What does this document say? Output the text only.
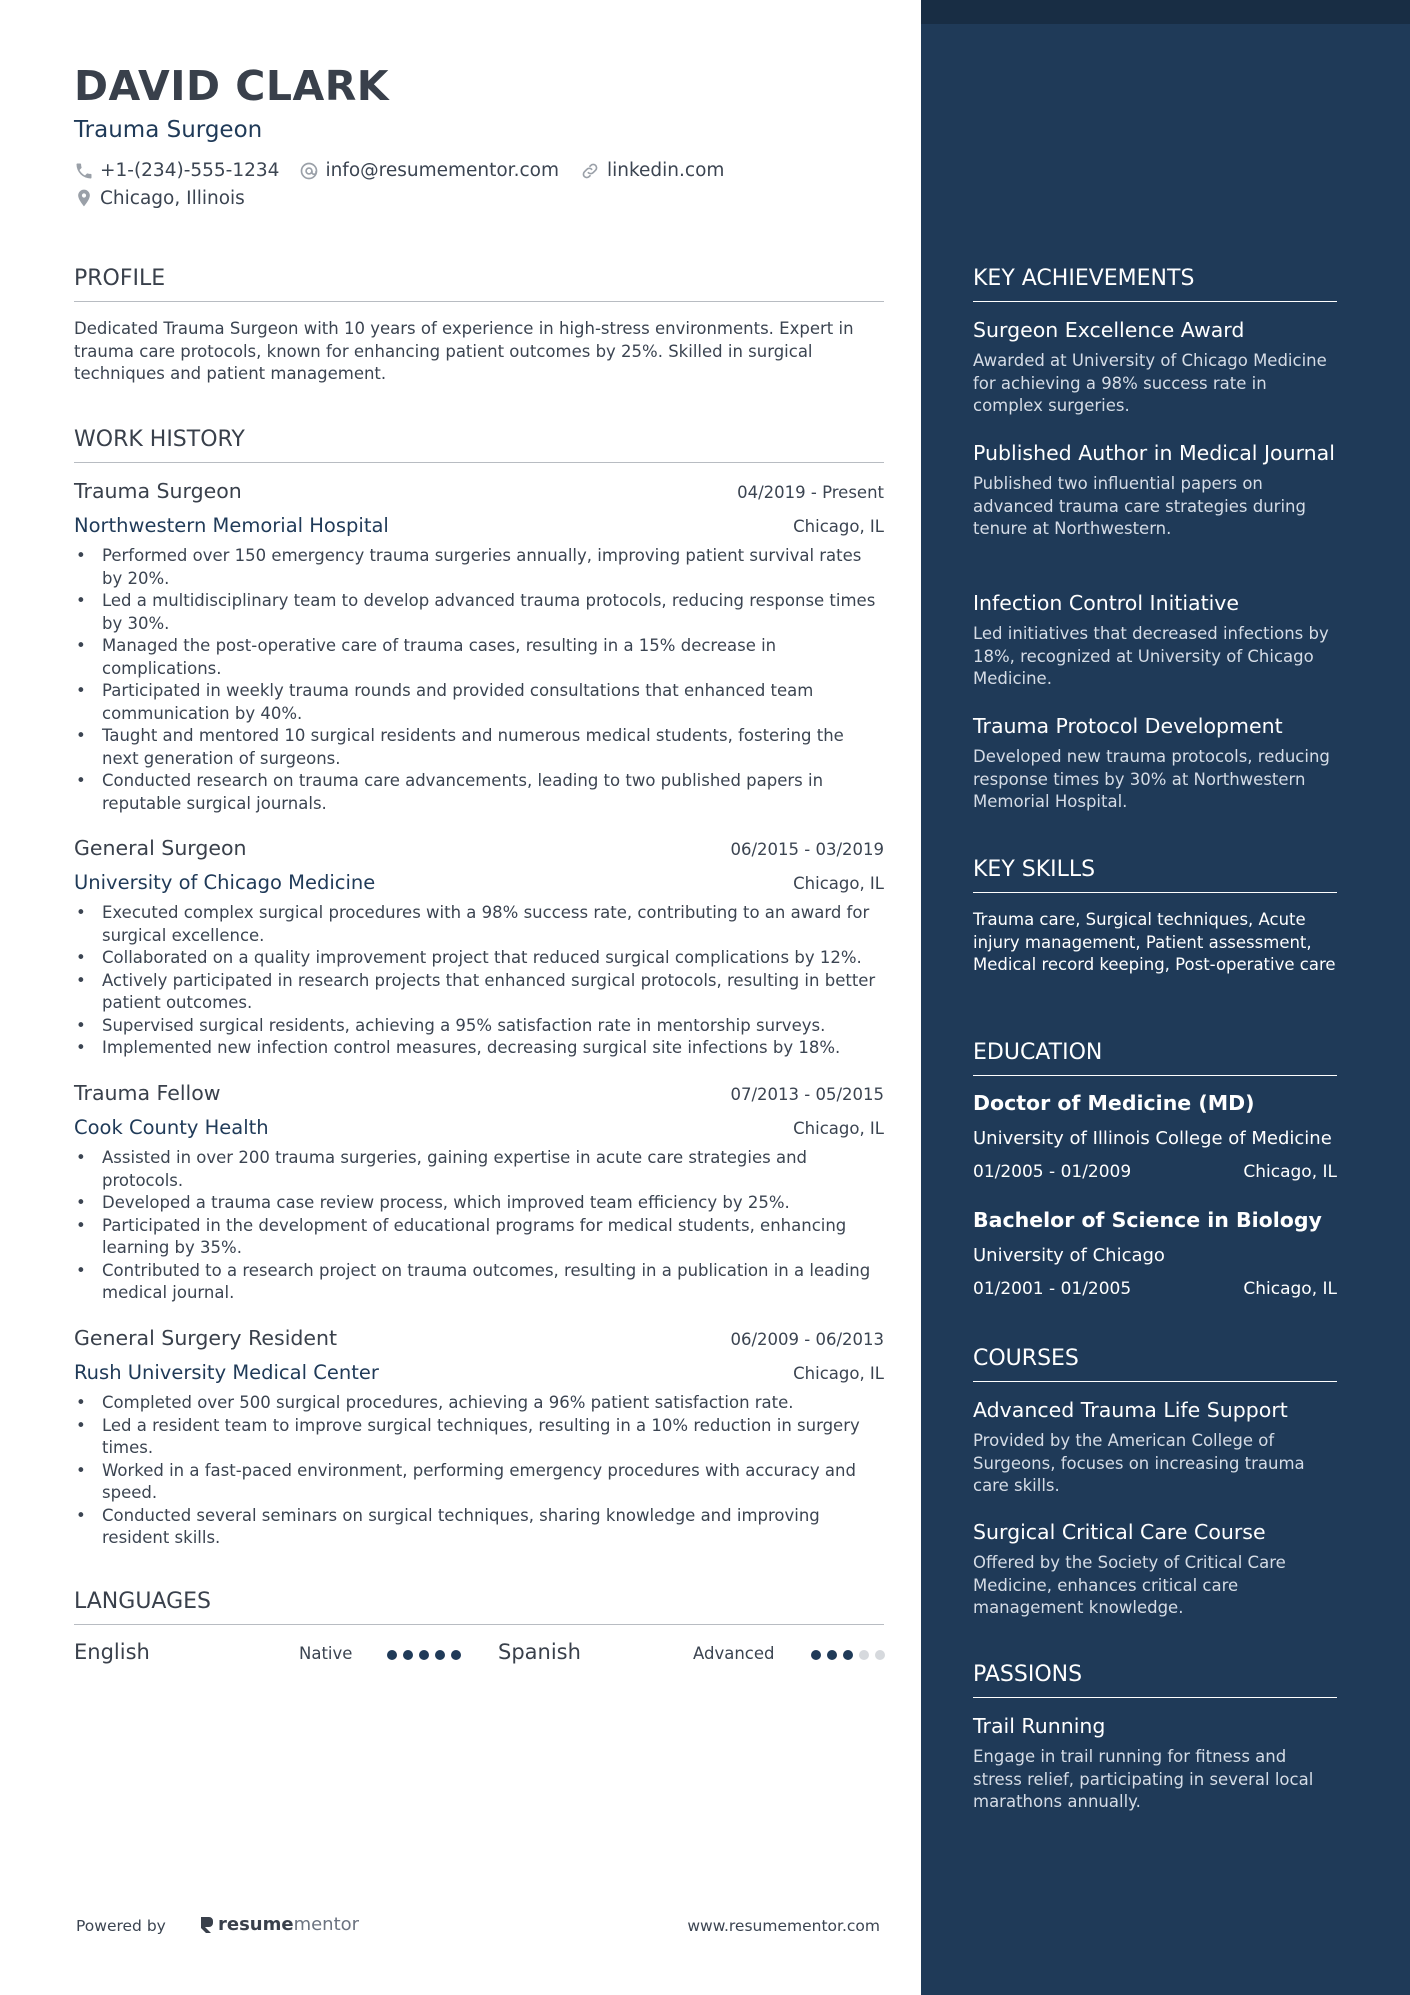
DAVID CLARK
Trauma Surgeon
+1-(234)-555-1234 info@resumementor.com	linkedin.com
Chicago, Illinois
PROFILE
Dedicated Trauma Surgeon with 10 years of experience in high-stress environments. Expert in trauma care protocols, known for enhancing patient outcomes by 25%. Skilled in surgical techniques and patient management.
WORK HISTORY
Trauma Surgeon	04/2019 - Present
Northwestern Memorial Hospital	Chicago, IL
• Performed over 150 emergency trauma surgeries annually, improving patient survival rates by 20%.
• Led a multidisciplinary team to develop advanced trauma protocols, reducing response times by 30%.
• Managed the post-operative care of trauma cases, resulting in a 15% decrease in complications.
• Participated in weekly trauma rounds and provided consultations that enhanced team communication by 40%.
• Taught and mentored 10 surgical residents and numerous medical students, fostering the next generation of surgeons.
• Conducted research on trauma care advancements, leading to two published papers in reputable surgical journals.
General Surgeon	06/2015 - 03/2019
University of Chicago Medicine	Chicago, IL
• Executed complex surgical procedures with a 98% success rate, contributing to an award for surgical excellence.
• Collaborated on a quality improvement project that reduced surgical complications by 12%.
• Actively participated in research projects that enhanced surgical protocols, resulting in better patient outcomes.
• Supervised surgical residents, achieving a 95% satisfaction rate in mentorship surveys.
• Implemented new infection control measures, decreasing surgical site infections by 18%.
Trauma Fellow	07/2013 - 05/2015
Cook County Health	Chicago, IL
• Assisted in over 200 trauma surgeries, gaining expertise in acute care strategies and protocols.
• Developed a trauma case review process, which improved team efficiency by 25%.
• Participated in the development of educational programs for medical students, enhancing learning by 35%.
• Contributed to a research project on trauma outcomes, resulting in a publication in a leading medical journal.
General Surgery Resident	06/2009 - 06/2013
Rush University Medical Center	Chicago, IL
• Completed over 500 surgical procedures, achieving a 96% patient satisfaction rate.
• Led a resident team to improve surgical techniques, resulting in a 10% reduction in surgery times.
• Worked in a fast-paced environment, performing emergency procedures with accuracy and speed.
• Conducted several seminars on surgical techniques, sharing knowledge and improving resident skills.
LANGUAGES
English	Native	Spanish	Advanced
Powered by	resume mentor	www.resumementor.com
KEY ACHIEVEMENTS
Surgeon Excellence Award
Awarded at University of Chicago Medicine for achieving a 98% success rate in complex surgeries.
Published Author in Medical Journal
Published two influential papers on advanced trauma care strategies during tenure at Northwestern.
Infection Control Initiative
Led initiatives that decreased infections by 18%, recognized at University of Chicago Medicine.
Trauma Protocol Development
Developed new trauma protocols, reducing response times by 30% at Northwestern Memorial Hospital.
KEY SKILLS
Trauma care, Surgical techniques, Acute injury management, Patient assessment, Medical record keeping, Post-operative care
EDUCATION
Doctor of Medicine (MD)
University of Illinois College of Medicine
01/2005 - 01/2009	Chicago, IL
Bachelor of Science in Biology
University of Chicago
01/2001 - 01/2005	Chicago, IL
COURSES
Advanced Trauma Life Support
Provided by the American College of Surgeons, focuses on increasing trauma care skills.
Surgical Critical Care Course
Offered by the Society of Critical Care Medicine, enhances critical care management knowledge.
PASSIONS
Trail Running
Engage in trail running for fitness and stress relief, participating in several local marathons annually.
